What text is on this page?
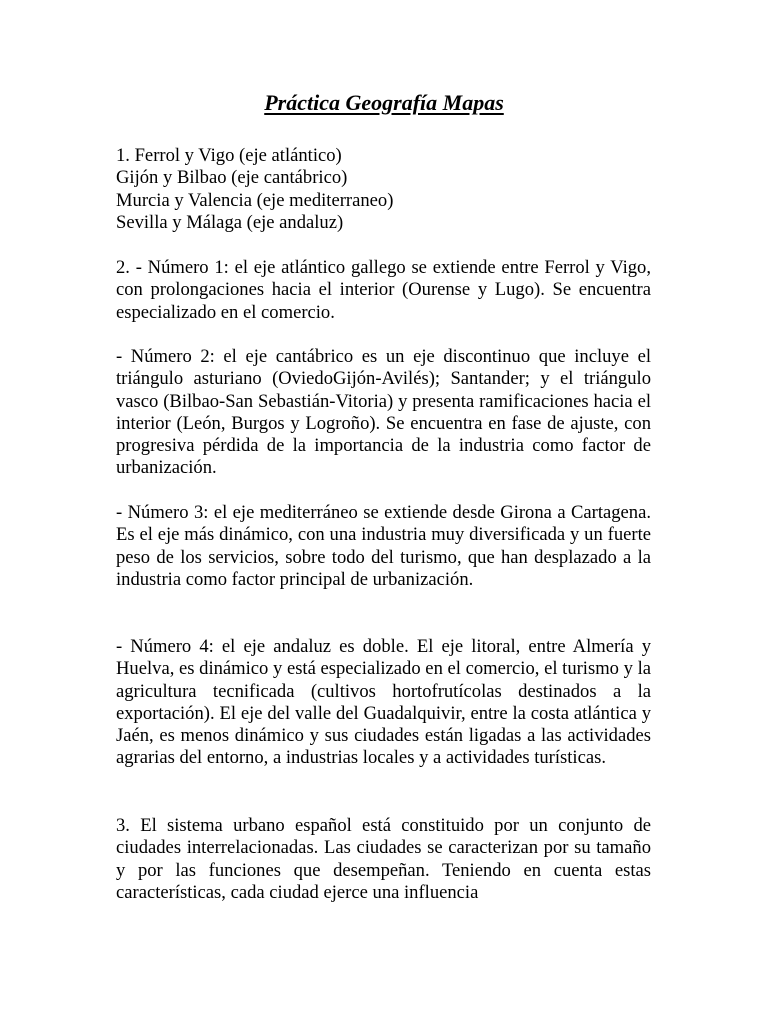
Práctica Geografía Mapas

1. Ferrol y Vigo (eje atlántico)

Gijón y Bilbao (eje cantábrico)

Murcia y Valencia (eje mediterraneo)

Sevilla y Málaga (eje andaluz)

2. - Número 1: el eje atlántico gallego se extiende entre Ferrol y Vigo, con prolongaciones hacia el interior (Ourense y Lugo). Se encuentra especializado en el comercio.

- Número 2: el eje cantábrico es un eje discontinuo que incluye el triángulo asturiano (OviedoGijón-Avilés); Santander; y el triángulo vasco (Bilbao-San Sebastián-Vitoria) y presenta ramificaciones hacia el interior (León, Burgos y Logroño). Se encuentra en fase de ajuste, con progresiva pérdida de la importancia de la industria como factor de urbanización.

- Número 3: el eje mediterráneo se extiende desde Girona a Cartagena. Es el eje más dinámico, con una industria muy diversificada y un fuerte peso de los servicios, sobre todo del turismo, que han desplazado a la industria como factor principal de urbanización.

- Número 4: el eje andaluz es doble. El eje litoral, entre Almería y Huelva, es dinámico y está especializado en el comercio, el turismo y la agricultura tecnificada (cultivos hortofrutícolas destinados a la exportación). El eje del valle del Guadalquivir, entre la costa atlántica y Jaén, es menos dinámico y sus ciudades están ligadas a las actividades agrarias del entorno, a industrias locales y a actividades turísticas.

3. El sistema urbano español está constituido por un conjunto de ciudades interrelacionadas. Las ciudades se caracterizan por su tamaño y por las funciones que desempeñan. Teniendo en cuenta estas características, cada ciudad ejerce una influencia
